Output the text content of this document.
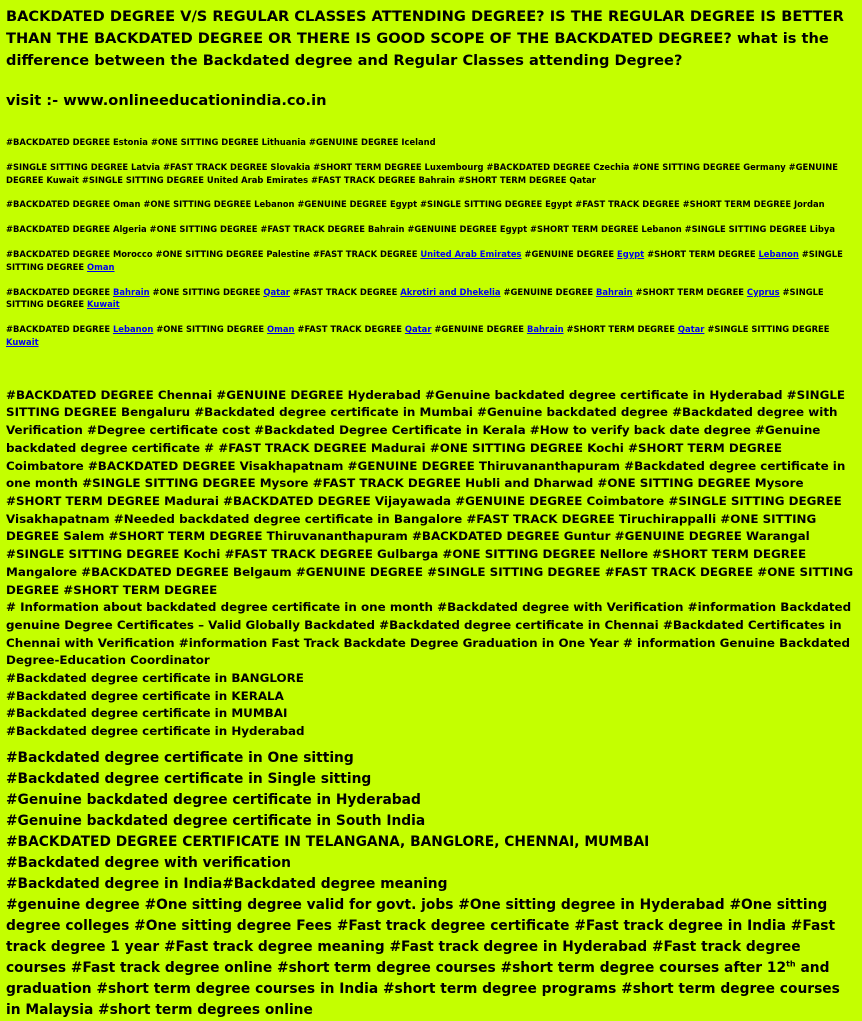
BACKDATED DEGREE V/S REGULAR CLASSES ATTENDING DEGREE? IS THE REGULAR DEGREE IS BETTER THAN THE BACKDATED DEGREE OR THERE IS GOOD SCOPE OF THE BACKDATED DEGREE? what is the difference between the Backdated degree and Regular Classes attending Degree?

visit :- www.onlineeducationindia.co.in

#BACKDATED DEGREE Estonia #ONE SITTING DEGREE Lithuania #GENUINE DEGREE Iceland

#SINGLE SITTING DEGREE Latvia #FAST TRACK DEGREE Slovakia #SHORT TERM DEGREE Luxembourg #BACKDATED DEGREE Czechia #ONE SITTING DEGREE Germany #GENUINE DEGREE Kuwait #SINGLE SITTING DEGREE United Arab Emirates #FAST TRACK DEGREE Bahrain #SHORT TERM DEGREE Qatar

#BACKDATED DEGREE Oman #ONE SITTING DEGREE Lebanon #GENUINE DEGREE Egypt #SINGLE SITTING DEGREE Egypt #FAST TRACK DEGREE #SHORT TERM DEGREE Jordan

#BACKDATED DEGREE Algeria #ONE SITTING DEGREE #FAST TRACK DEGREE Bahrain #GENUINE DEGREE Egypt #SHORT TERM DEGREE Lebanon #SINGLE SITTING DEGREE Libya

#BACKDATED DEGREE Morocco #ONE SITTING DEGREE Palestine #FAST TRACK DEGREE United Arab Emirates #GENUINE DEGREE Egypt #SHORT TERM DEGREE Lebanon #SINGLE SITTING DEGREE Oman

#BACKDATED DEGREE Bahrain #ONE SITTING DEGREE Qatar #FAST TRACK DEGREE Akrotiri and Dhekelia #GENUINE DEGREE Bahrain #SHORT TERM DEGREE Cyprus #SINGLE SITTING DEGREE Kuwait

#BACKDATED DEGREE Lebanon #ONE SITTING DEGREE Oman #FAST TRACK DEGREE Qatar #GENUINE DEGREE Bahrain #SHORT TERM DEGREE Qatar #SINGLE SITTING DEGREE Kuwait

#BACKDATED DEGREE Chennai #GENUINE DEGREE Hyderabad #Genuine backdated degree certificate in Hyderabad #SINGLE SITTING DEGREE Bengaluru #Backdated degree certificate in Mumbai #Genuine backdated degree #Backdated degree with Verification #Degree certificate cost #Backdated Degree Certificate in Kerala #How to verify back date degree #Genuine backdated degree certificate # #FAST TRACK DEGREE Madurai #ONE SITTING DEGREE Kochi #SHORT TERM DEGREE Coimbatore #BACKDATED DEGREE Visakhapatnam #GENUINE DEGREE Thiruvananthapuram #Backdated degree certificate in one month #SINGLE SITTING DEGREE Mysore #FAST TRACK DEGREE Hubli and Dharwad #ONE SITTING DEGREE Mysore #SHORT TERM DEGREE Madurai #BACKDATED DEGREE Vijayawada #GENUINE DEGREE Coimbatore #SINGLE SITTING DEGREE Visakhapatnam #Needed backdated degree certificate in Bangalore #FAST TRACK DEGREE Tiruchirappalli #ONE SITTING DEGREE Salem #SHORT TERM DEGREE Thiruvananthapuram #BACKDATED DEGREE Guntur #GENUINE DEGREE Warangal #SINGLE SITTING DEGREE Kochi #FAST TRACK DEGREE Gulbarga #ONE SITTING DEGREE Nellore #SHORT TERM DEGREE Mangalore #BACKDATED DEGREE Belgaum #GENUINE DEGREE #SINGLE SITTING DEGREE #FAST TRACK DEGREE #ONE SITTING DEGREE #SHORT TERM DEGREE

# Information about backdated degree certificate in one month #Backdated degree with Verification #information Backdated genuine Degree Certificates – Valid Globally Backdated #Backdated degree certificate in Chennai #Backdated Certificates in Chennai with Verification #information Fast Track Backdate Degree Graduation in One Year # information Genuine Backdated Degree-Education Coordinator

#Backdated degree certificate in BANGLORE

#Backdated degree certificate in KERALA

#Backdated degree certificate in MUMBAI

#Backdated degree certificate in Hyderabad

#Backdated degree certificate in One sitting

#Backdated degree certificate in Single sitting

#Genuine backdated degree certificate in Hyderabad

#Genuine backdated degree certificate in South India

#BACKDATED DEGREE CERTIFICATE IN TELANGANA, BANGLORE, CHENNAI, MUMBAI

#Backdated degree with verification

#Backdated degree in India#Backdated degree meaning

#genuine degree #One sitting degree valid for govt. jobs #One sitting degree in Hyderabad #One sitting degree colleges #One sitting degree Fees #Fast track degree certificate #Fast track degree in India #Fast track degree 1 year #Fast track degree meaning #Fast track degree in Hyderabad #Fast track degree courses #Fast track degree online #short term degree courses #short term degree courses after 12th and graduation #short term degree courses in India #short term degree programs #short term degree courses in Malaysia #short term degrees online
